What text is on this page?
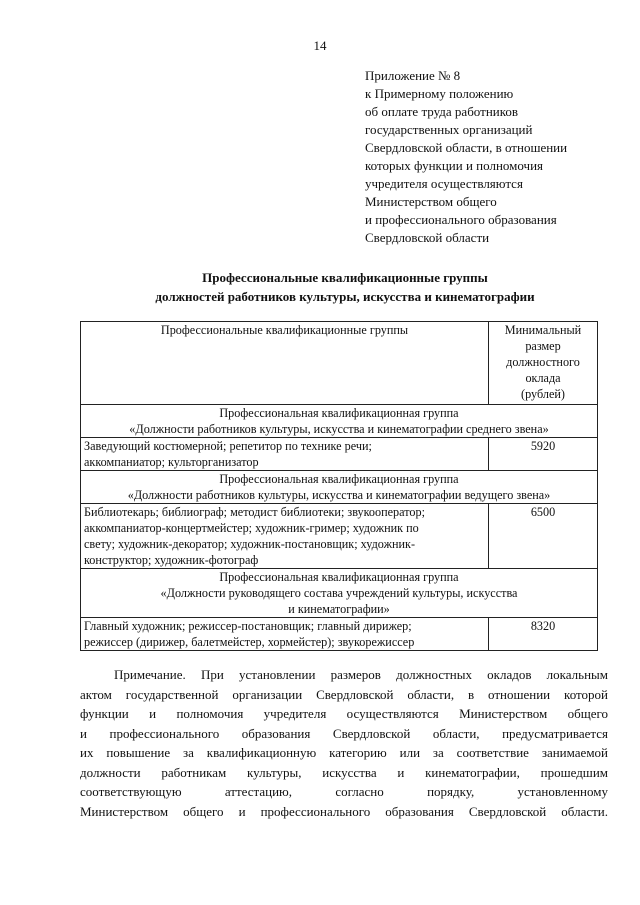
14
Приложение № 8
к Примерному положению
об оплате труда работников
государственных организаций
Свердловской области, в отношении
которых функции и полномочия
учредителя осуществляются
Министерством общего
и профессионального образования
Свердловской области
Профессиональные квалификационные группы
должностей работников культуры, искусства и кинематографии
Профессиональные квалификационные группы	Минимальный
размер
должностного
оклада
(рублей)

Профессиональная квалификационная группа
«Должности работников культуры, искусства и кинематографии среднего звена»	

Заведующий костюмерной; репетитор по технике речи;
аккомпаниатор; культорганизатор	5920

Профессиональная квалификационная группа
«Должности работников культуры, искусства и кинематографии ведущего звена»	

Библиотекарь; библиограф; методист библиотеки; звукооператор;
аккомпаниатор-концертмейстер; художник-гример; художник по
свету; художник-декоратор; художник-постановщик; художник-
конструктор; художник-фотограф	6500

Профессиональная квалификационная группа
«Должности руководящего состава учреждений культуры, искусства
и кинематографии»	

Главный художник; режиссер-постановщик; главный дирижер;
режиссер (дирижер, балетмейстер, хормейстер); звукорежиссер	8320
Примечание. При установлении размеров должностных окладов локальным
актом государственной организации Свердловской области, в отношении которой
функции и полномочия учредителя осуществляются Министерством общего
и профессионального образования Свердловской области, предусматривается
их повышение за квалификационную категорию или за соответствие занимаемой
должности работникам культуры, искусства и кинематографии, прошедшим
соответствующую аттестацию, согласно порядку, установленному
Министерством общего и профессионального образования Свердловской области.
